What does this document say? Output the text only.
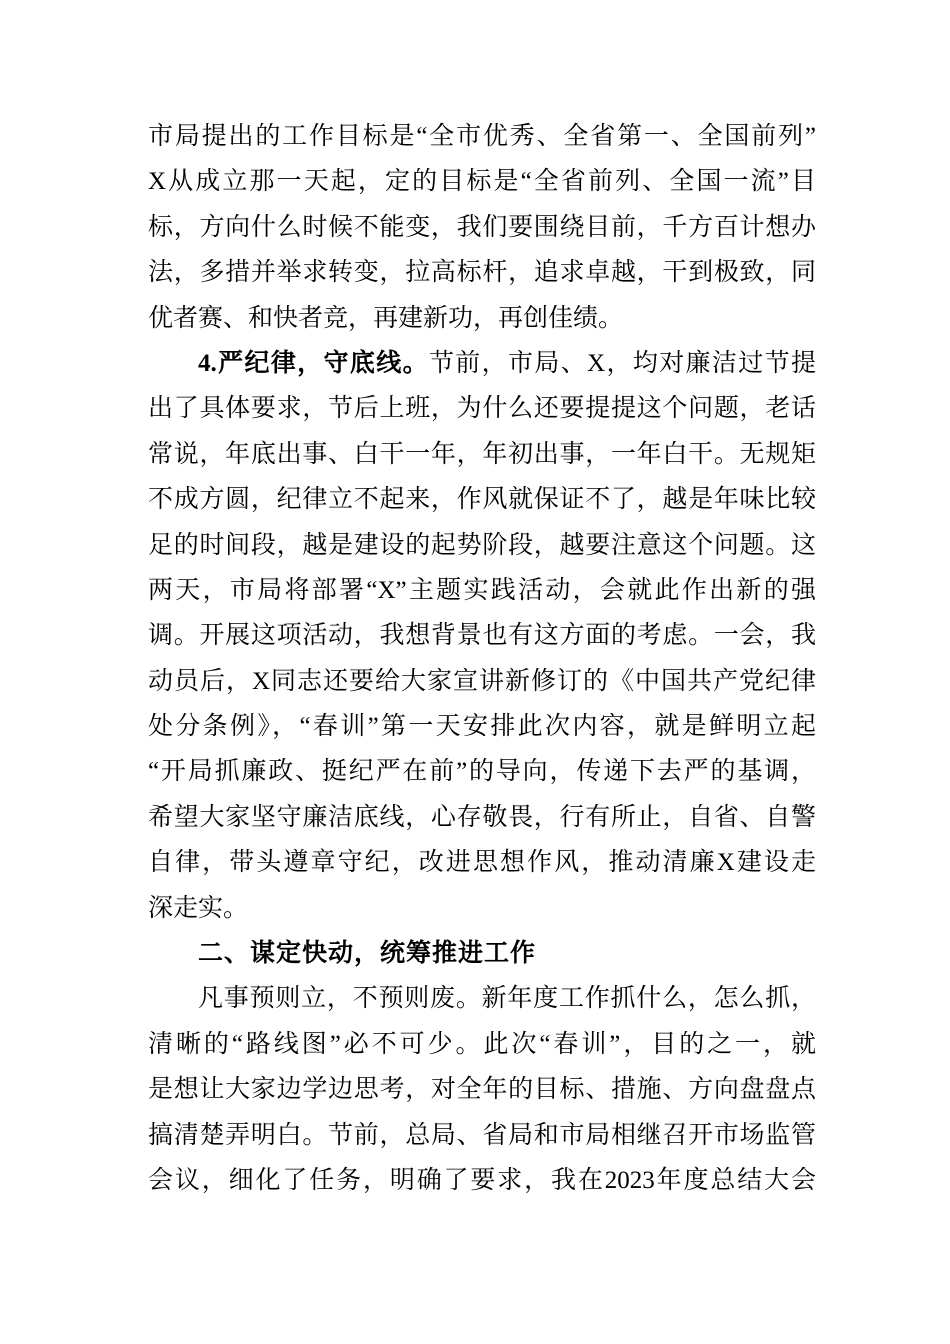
市局提出的工作目标是“全市优秀、全省第一、全国前列”
X从成立那一天起，定的目标是“全省前列、全国一流”目
标，方向什么时候不能变，我们要围绕目前，千方百计想办
法，多措并举求转变，拉高标杆，追求卓越，干到极致，同
优者赛、和快者竞，再建新功，再创佳绩。
4.严纪律，守底线。节前，市局、X，均对廉洁过节提
出了具体要求，节后上班，为什么还要提提这个问题，老话
常说，年底出事、白干一年，年初出事，一年白干。无规矩
不成方圆，纪律立不起来，作风就保证不了，越是年味比较
足的时间段，越是建设的起势阶段，越要注意这个问题。这
两天，市局将部署“X”主题实践活动，会就此作出新的强
调。开展这项活动，我想背景也有这方面的考虑。一会，我
动员后，X同志还要给大家宣讲新修订的《中国共产党纪律
处分条例》，“春训”第一天安排此次内容，就是鲜明立起
“开局抓廉政、挺纪严在前”的导向，传递下去严的基调，
希望大家坚守廉洁底线，心存敬畏，行有所止，自省、自警
自律，带头遵章守纪，改进思想作风，推动清廉X建设走
深走实。
二、谋定快动，统筹推进工作
凡事预则立，不预则废。新年度工作抓什么，怎么抓，
清晰的“路线图”必不可少。此次“春训”，目的之一，就
是想让大家边学边思考，对全年的目标、措施、方向盘盘点
搞清楚弄明白。节前，总局、省局和市局相继召开市场监管
会议，细化了任务，明确了要求，我在2023年度总结大会
